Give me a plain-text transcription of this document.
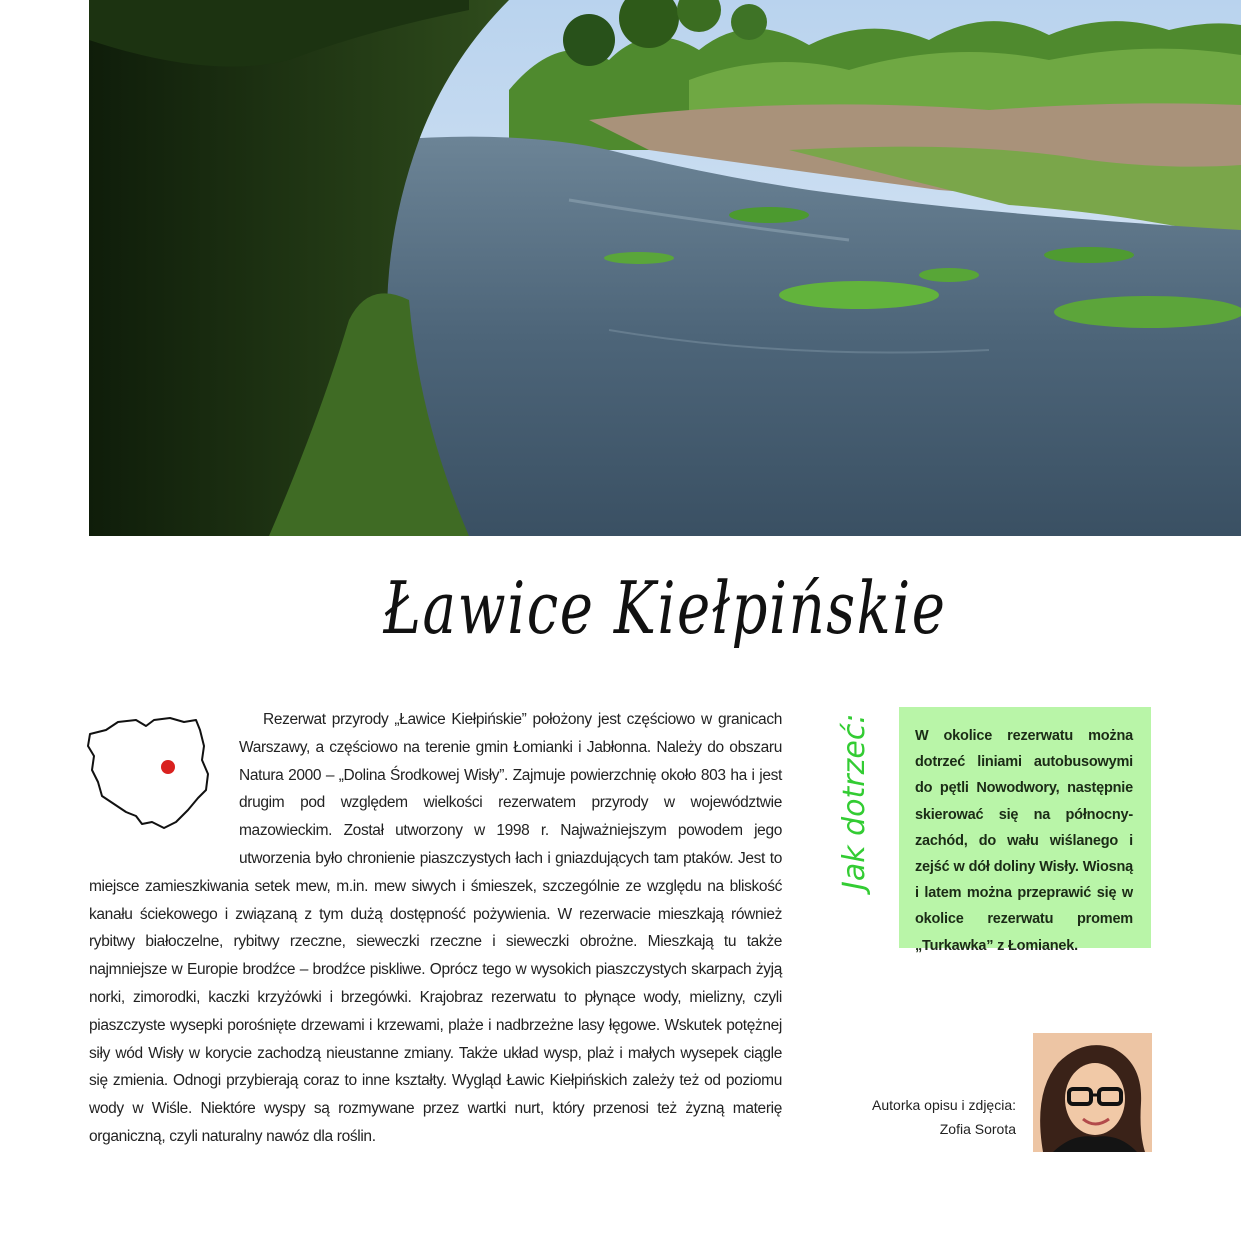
Ławice Kiełpińskie

Rezerwat przyrody „Ławice Kiełpińskie” położony jest częściowo w granicach Warszawy, a częściowo na terenie gmin Łomianki i Jabłonna. Należy do obszaru Natura 2000 – „Dolina Środkowej Wisły”. Zajmuje powierzchnię około 803 ha i jest drugim pod względem wielkości rezerwatem przyrody w województwie mazowieckim. Został utworzony w 1998 r. Najważniejszym powodem jego utworzenia było chronienie piaszczystych łach i gniazdujących tam ptaków. Jest to miejsce zamieszkiwania setek mew, m.in. mew siwych i śmieszek, szczególnie ze względu na bliskość kanału ściekowego i związaną z tym dużą dostępność pożywienia. W rezerwacie mieszkają również rybitwy białoczelne, rybitwy rzeczne, sieweczki rzeczne i sieweczki obrożne. Mieszkają tu także najmniejsze w Europie brodźce – brodźce piskliwe. Oprócz tego w wysokich piaszczystych skarpach żyją norki, zimorodki, kaczki krzyżówki i brzegówki. Krajobraz rezerwatu to płynące wody, mielizny, czyli piaszczyste wysepki porośnięte drzewami i krzewami, plaże i nadbrzeżne lasy łęgowe. Wskutek potężnej siły wód Wisły w korycie zachodzą nieustanne zmiany. Także układ wysp, plaż i małych wysepek ciągle się zmienia. Odnogi przybierają coraz to inne kształty. Wygląd Ławic Kiełpińskich zależy też od poziomu wody w Wiśle. Niektóre wyspy są rozmywane przez wartki nurt, który przenosi też żyzną materię organiczną, czyli naturalny nawóz dla roślin.

Jak dotrzeć:	W okolice rezerwatu można dotrzeć liniami autobusowymi do pętli Nowodwory, następnie skierować się na północny-zachód, do wału wiślanego i zejść w dół doliny Wisły. Wiosną i latem można przeprawić się w okolice rezerwatu promem „Turkawka” z Łomianek.

Autorka opisu i zdjęcia:
Zofia Sorota
